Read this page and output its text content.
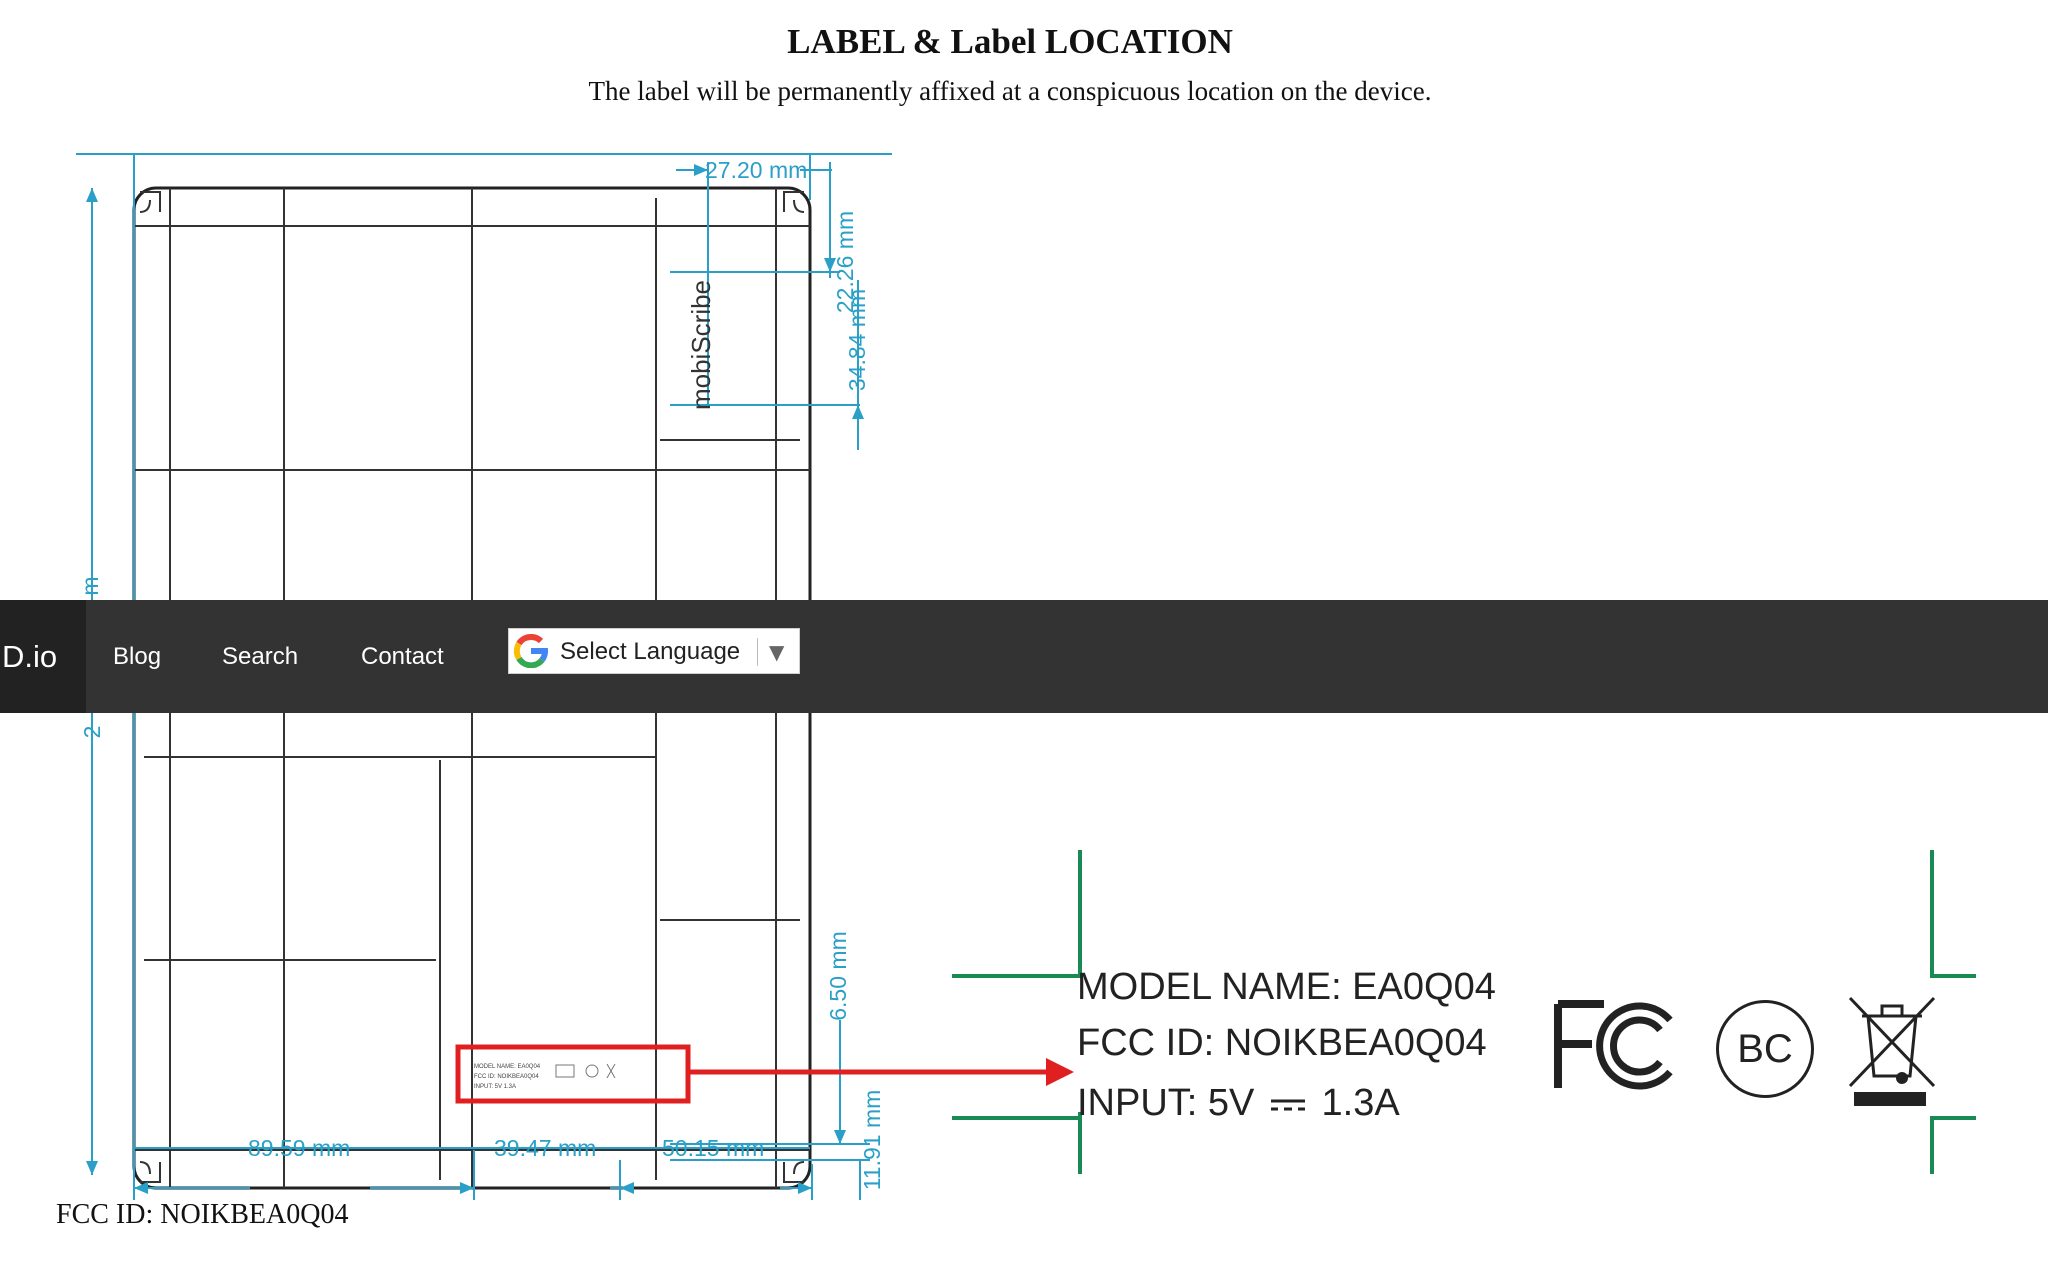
LABEL & Label LOCATION
The label will be permanently affixed at a conspicuous location on the device.
27.20 mm
22.26 mm
34.84 mm
6.50 mm
11.91 mm
89.59 mm	39.47 mm	50.15 mm
m
2
mobiScribe
MODEL NAME: EA0Q04
FCC ID: NOIKBEA0Q04
INPUT: 5V 1.3A
D.io	Blog	Search	Contact	Select Language ▼
MODEL NAME: EA0Q04
FCC ID: NOIKBEA0Q04
INPUT: 5V 1.3A
BC
FCC ID: NOIKBEA0Q04
